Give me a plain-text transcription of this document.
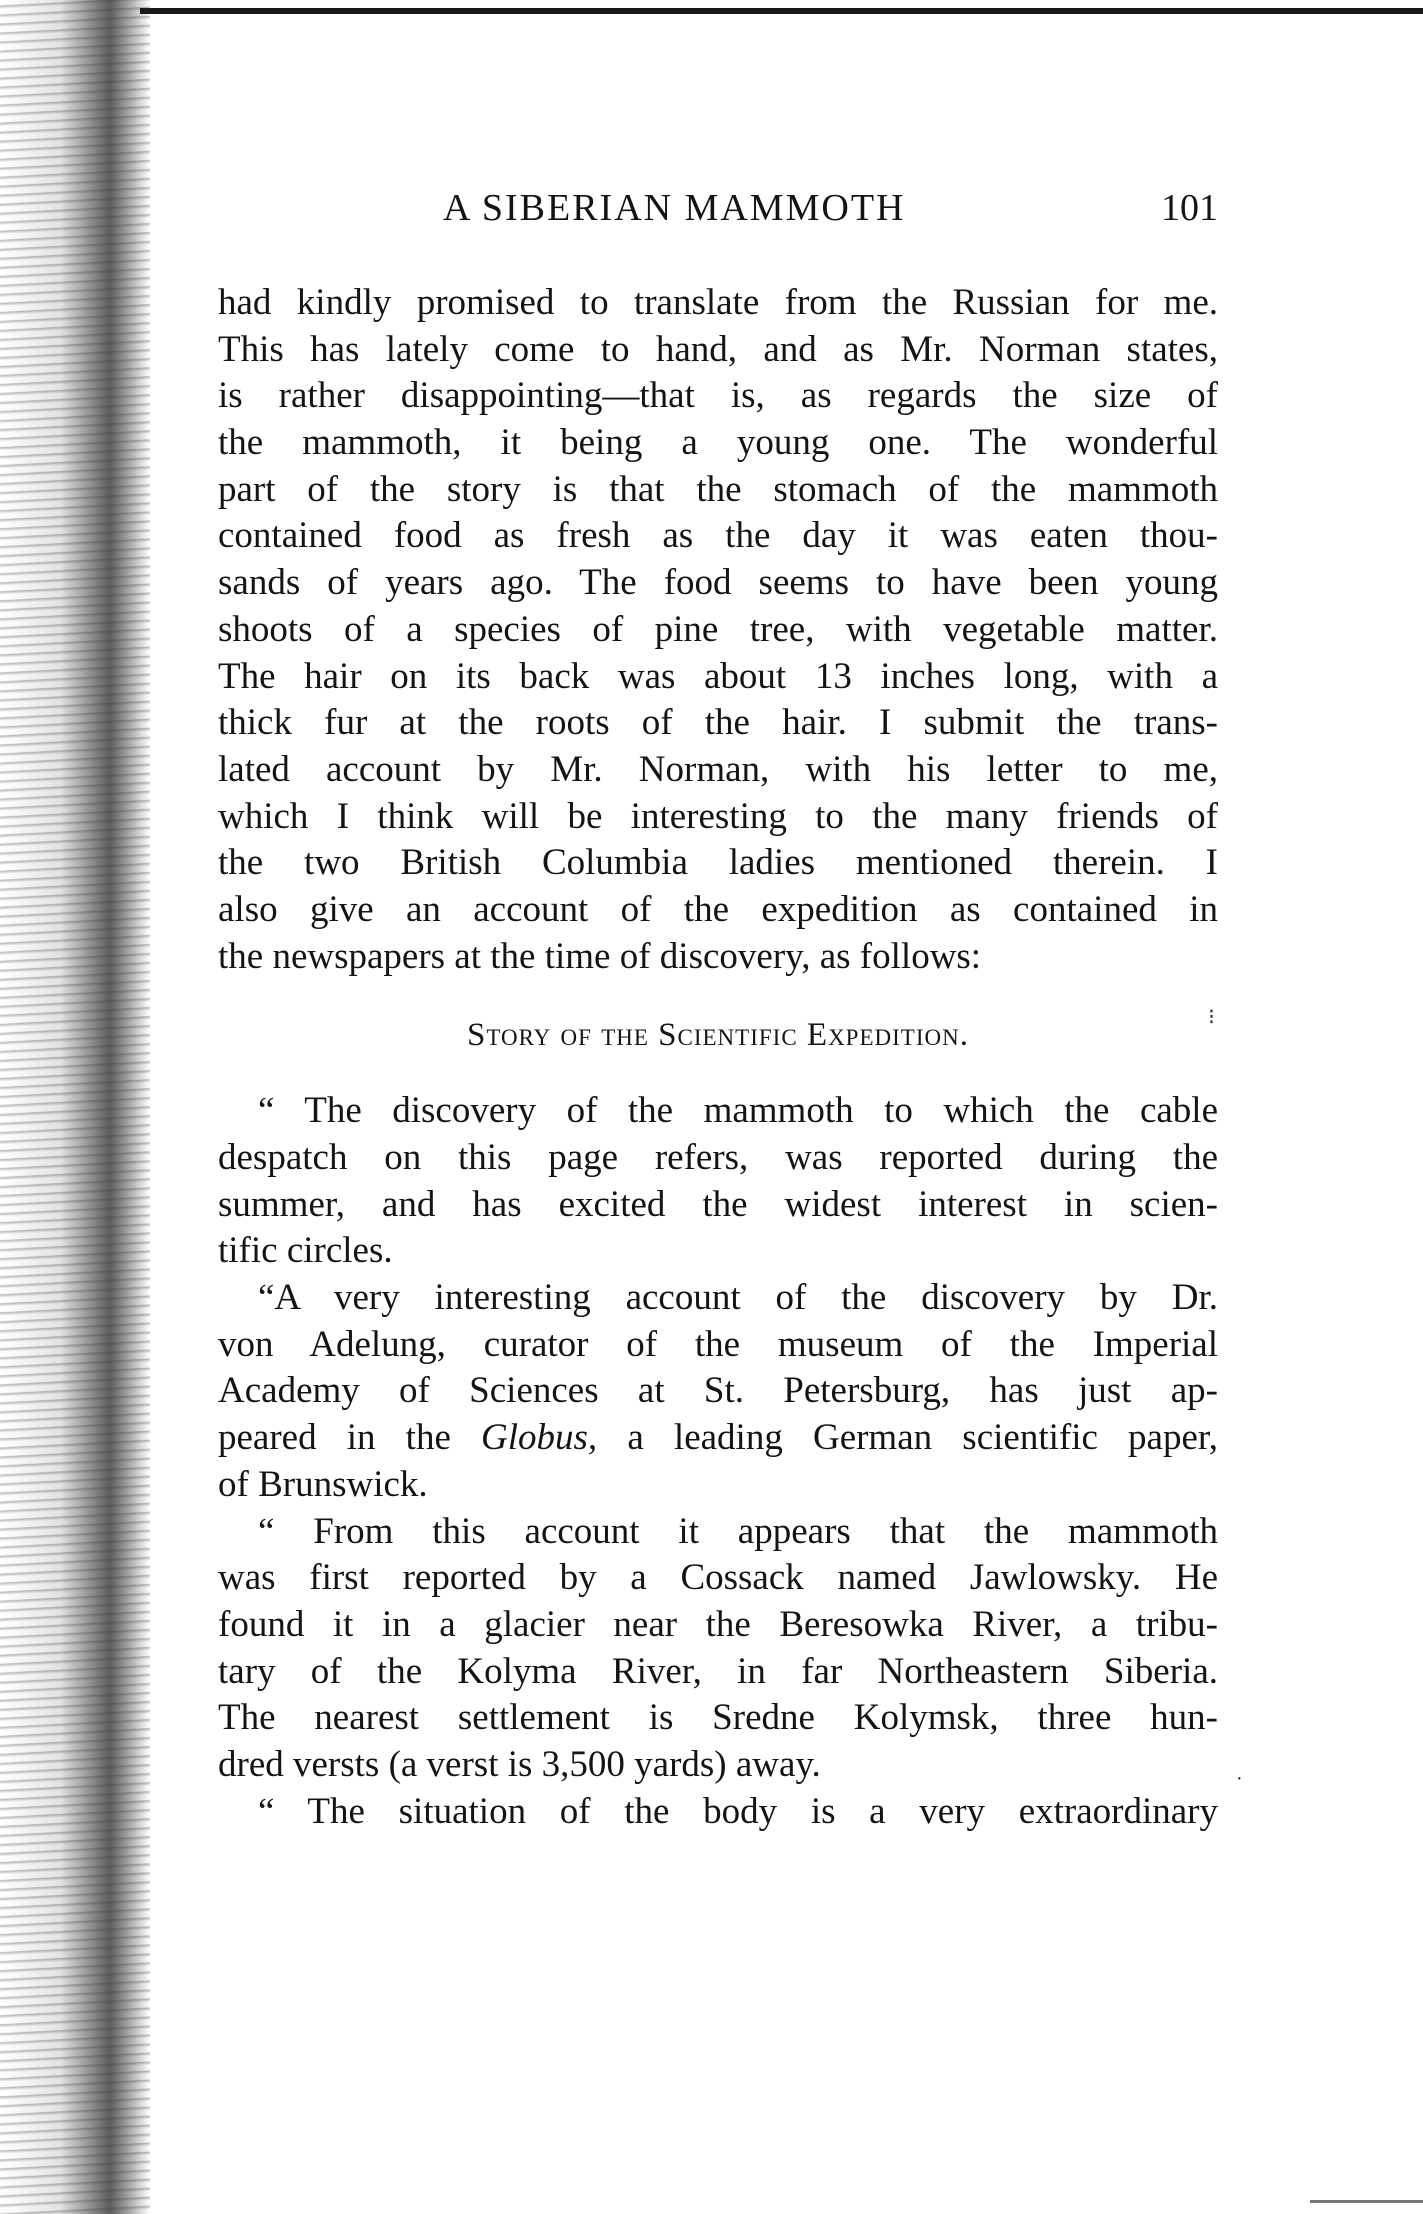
A SIBERIAN MAMMOTH	101
had kindly promised to translate from the Russian for me.
This has lately come to hand, and as Mr. Norman states,
is rather disappointing—that is, as regards the size of
the mammoth, it being a young one. The wonderful
part of the story is that the stomach of the mammoth
contained food as fresh as the day it was eaten thou-
sands of years ago. The food seems to have been young
shoots of a species of pine tree, with vegetable matter.
The hair on its back was about 13 inches long, with a
thick fur at the roots of the hair. I submit the trans-
lated account by Mr. Norman, with his letter to me,
which I think will be interesting to the many friends of
the two British Columbia ladies mentioned therein. I
also give an account of the expedition as contained in
the newspapers at the time of discovery, as follows:
Story of the Scientific Expedition.
“ The discovery of the mammoth to which the cable
despatch on this page refers, was reported during the
summer, and has excited the widest interest in scien-
tific circles.
“A very interesting account of the discovery by Dr.
von Adelung, curator of the museum of the Imperial
Academy of Sciences at St. Petersburg, has just ap-
peared in the Globus, a leading German scientific paper,
of Brunswick.
“ From this account it appears that the mammoth
was first reported by a Cossack named Jawlowsky. He
found it in a glacier near the Beresowka River, a tribu-
tary of the Kolyma River, in far Northeastern Siberia.
The nearest settlement is Sredne Kolymsk, three hun-
dred versts (a verst is 3,500 yards) away.
“ The situation of the body is a very extraordinary
⁝
·
